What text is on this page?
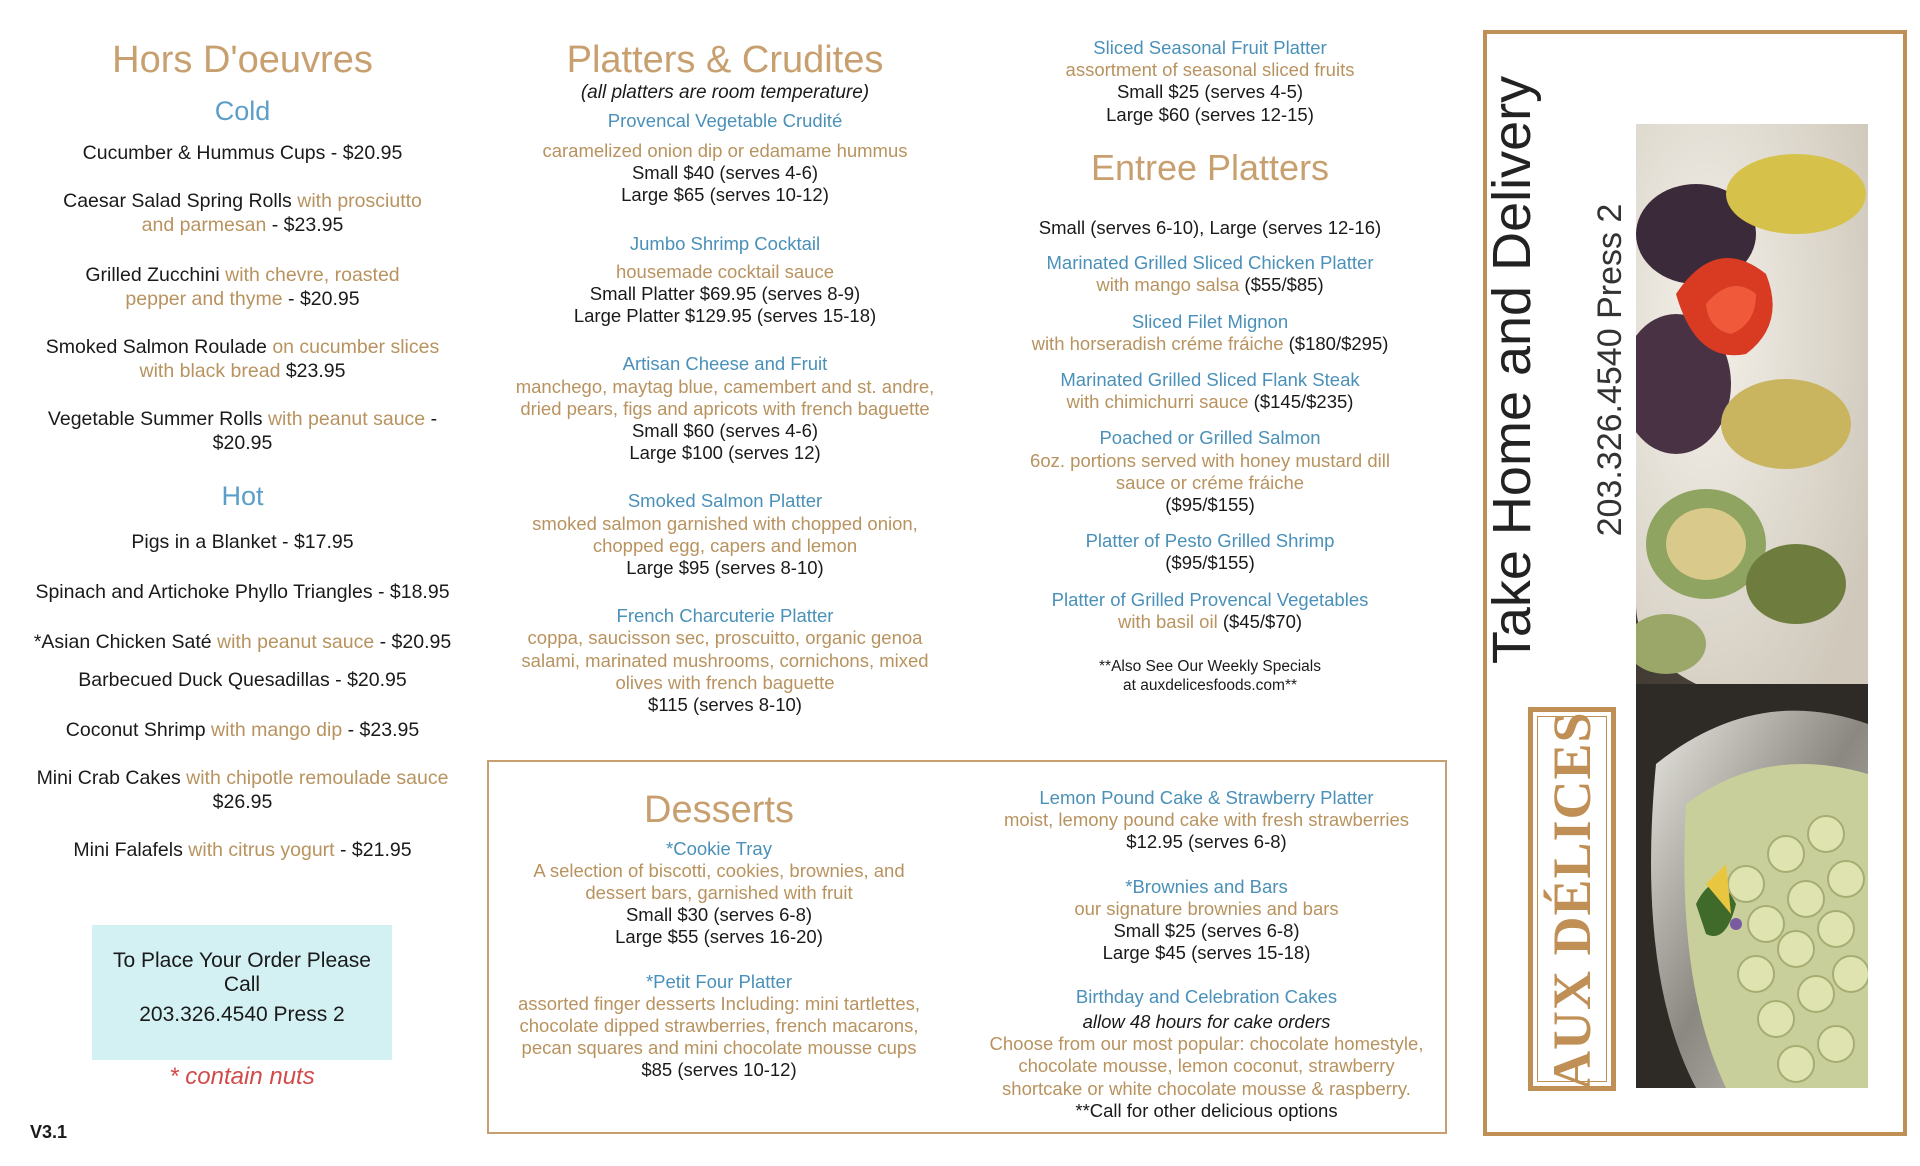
Hors D'oeuvres
Cold
Cucumber & Hummus Cups - $20.95
Caesar Salad Spring Rolls with prosciutto and parmesan - $23.95
Grilled Zucchini with chevre, roasted pepper and thyme - $20.95
Smoked Salmon Roulade on cucumber slices with black bread $23.95
Vegetable Summer Rolls with peanut sauce - $20.95
Hot
Pigs in a Blanket - $17.95
Spinach and Artichoke Phyllo Triangles - $18.95
*Asian Chicken Saté with peanut sauce - $20.95
Barbecued Duck Quesadillas - $20.95
Coconut Shrimp with mango dip - $23.95
Mini Crab Cakes with chipotle remoulade sauce $26.95
Mini Falafels with citrus yogurt - $21.95
To Place Your Order Please Call
203.326.4540 Press 2
* contain nuts
V3.1
Platters & Crudites
(all platters are room temperature)
Provencal Vegetable Crudité
caramelized onion dip or edamame hummus
Small $40 (serves 4-6)
Large $65 (serves 10-12)
Jumbo Shrimp Cocktail
housemade cocktail sauce
Small Platter $69.95 (serves 8-9)
Large Platter $129.95 (serves 15-18)
Artisan Cheese and Fruit
manchego, maytag blue, camembert and st. andre, dried pears, figs and apricots with french baguette
Small $60 (serves 4-6)
Large $100 (serves 12)
Smoked Salmon Platter
smoked salmon garnished with chopped onion, chopped egg, capers and lemon
Large $95 (serves 8-10)
French Charcuterie Platter
coppa, saucisson sec, proscuitto, organic genoa salami, marinated mushrooms, cornichons, mixed olives with french baguette
$115 (serves 8-10)
Sliced Seasonal Fruit Platter
assortment of seasonal sliced fruits
Small $25 (serves 4-5)
Large $60 (serves 12-15)
Entree Platters
Small (serves 6-10), Large (serves 12-16)
Marinated Grilled Sliced Chicken Platter
with mango salsa ($55/$85)
Sliced Filet Mignon
with horseradish créme fráiche ($180/$295)
Marinated Grilled Sliced Flank Steak
with chimichurri sauce ($145/$235)
Poached or Grilled Salmon
6oz. portions served with honey mustard dill sauce or créme fráiche
($95/$155)
Platter of Pesto Grilled Shrimp
($95/$155)
Platter of Grilled Provencal Vegetables
with basil oil ($45/$70)
**Also See Our Weekly Specials
at auxdelicesfoods.com**
Desserts
*Cookie Tray
A selection of biscotti, cookies, brownies, and dessert bars, garnished with fruit
Small $30 (serves 6-8)
Large $55 (serves 16-20)
*Petit Four Platter
assorted finger desserts Including: mini tartlettes, chocolate dipped strawberries, french macarons, pecan squares and mini chocolate mousse cups
$85 (serves 10-12)
Lemon Pound Cake & Strawberry Platter
moist, lemony pound cake with fresh strawberries
$12.95 (serves 6-8)
*Brownies and Bars
our signature brownies and bars
Small $25 (serves 6-8)
Large $45 (serves 15-18)
Birthday and Celebration Cakes
allow 48 hours for cake orders
Choose from our most popular: chocolate homestyle, chocolate mousse, lemon coconut, strawberry shortcake or white chocolate mousse & raspberry.
**Call for other delicious options
Take Home and Delivery 203.326.4540 Press 2
AUX DÉLICES
